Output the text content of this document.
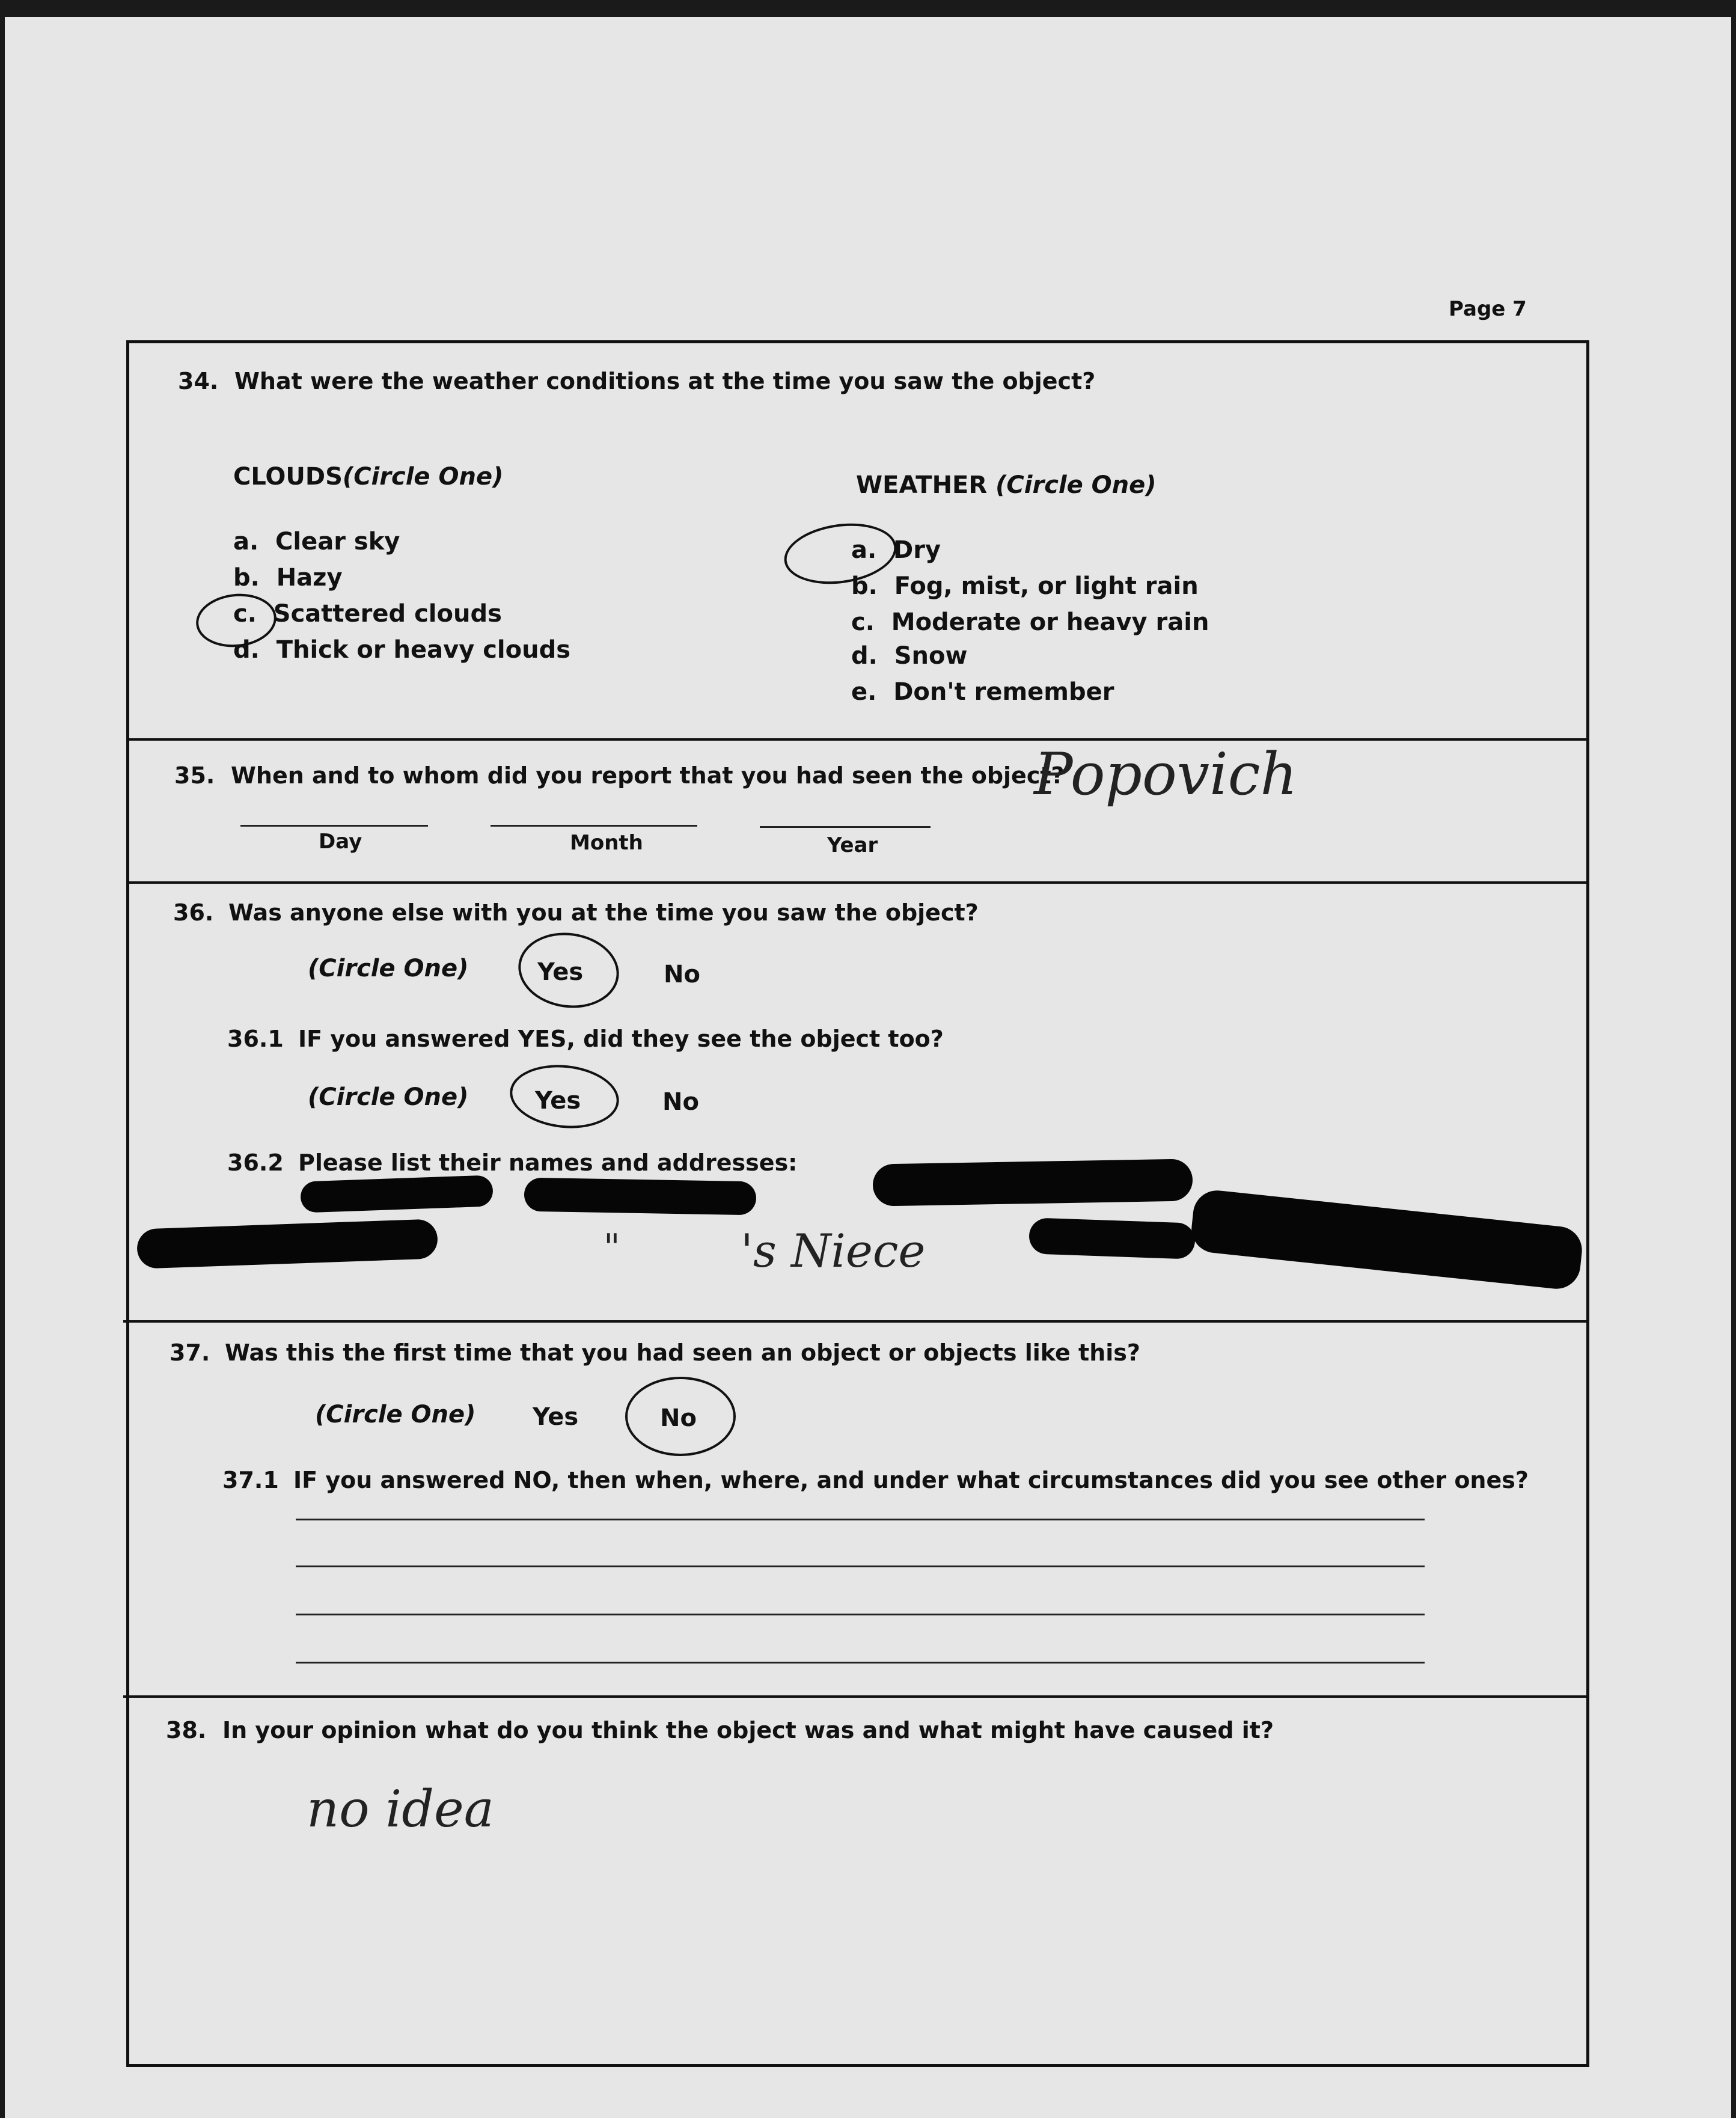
Page 7
34. What were the weather conditions at the time you saw the object?
CLOUDS(Circle One)	WEATHER (Circle One)
a. Clear sky
b. Hazy
c. Scattered clouds
d. Thick or heavy clouds
a. Dry
b. Fog, mist, or light rain
c. Moderate or heavy rain
d. Snow
e. Don't remember
35. When and to whom did you report that you had seen the object?
Day	Month	Year
Popovich
36. Was anyone else with you at the time you saw the object?
(Circle One)	Yes	No
36.1 IF you answered YES, did they see the object too?
(Circle One)	Yes	No
36.2 Please list their names and addresses:
"	's Niece
37. Was this the first time that you had seen an object or objects like this?
(Circle One) Yes	No
37.1 IF you answered NO, then when, where, and under what circumstances did you see other ones?
38. In your opinion what do you think the object was and what might have caused it?
no idea
